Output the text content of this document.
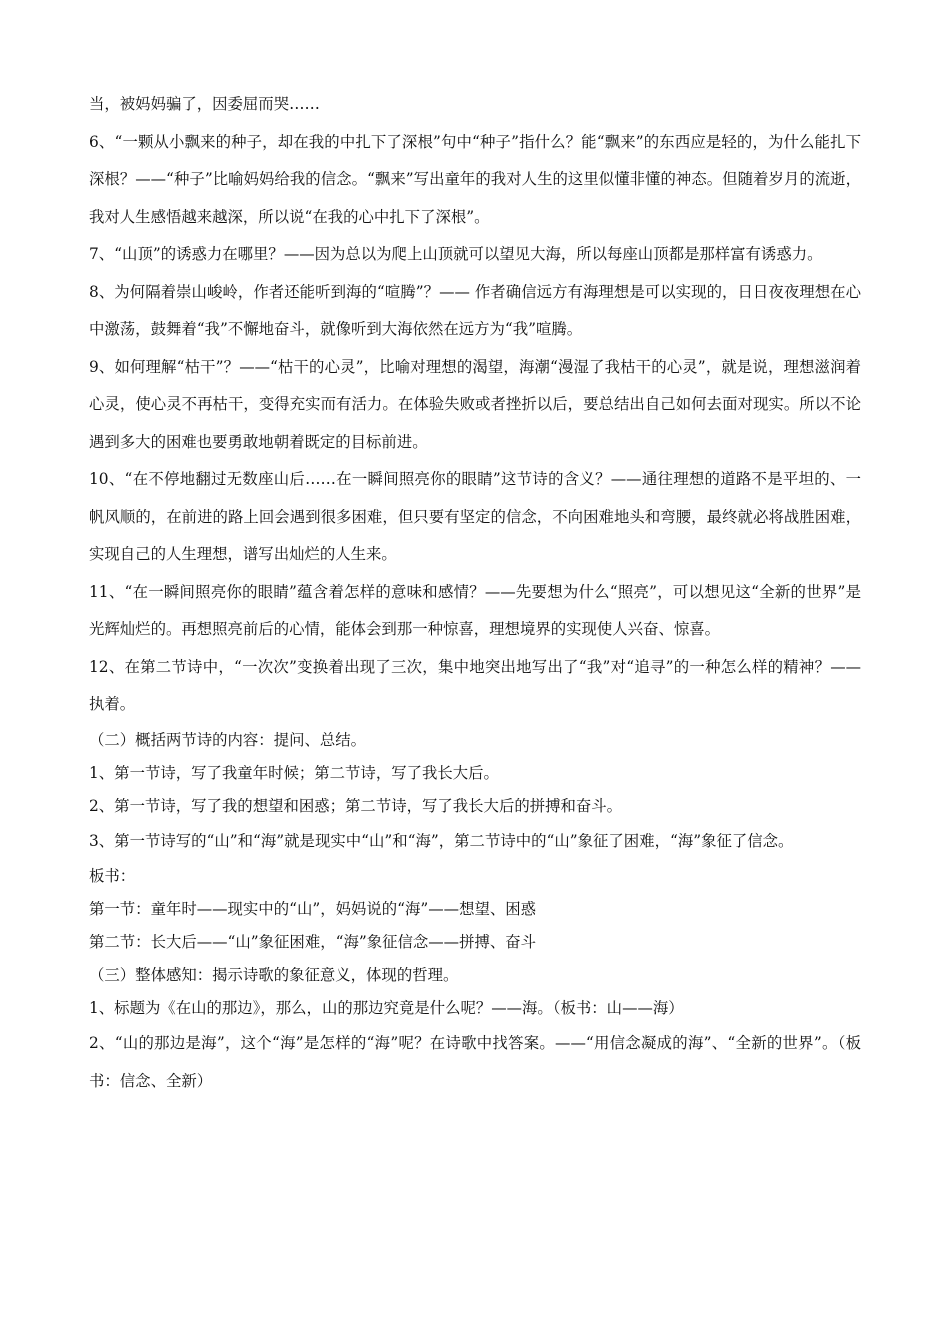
当，被妈妈骗了，因委屈而哭……

6、“一颗从小飘来的种子，却在我的中扎下了深根”句中“种子”指什么？能“飘来”的东西应是轻的，为什么能扎下深根？——“种子”比喻妈妈给我的信念。“飘来”写出童年的我对人生的这里似懂非懂的神态。但随着岁月的流逝，我对人生感悟越来越深，所以说“在我的心中扎下了深根”。

7、“山顶”的诱惑力在哪里？——因为总以为爬上山顶就可以望见大海，所以每座山顶都是那样富有诱惑力。

8、为何隔着崇山峻岭，作者还能听到海的“喧腾”？—— 作者确信远方有海理想是可以实现的，日日夜夜理想在心中激荡，鼓舞着“我”不懈地奋斗，就像听到大海依然在远方为“我”喧腾。

9、如何理解“枯干”？——“枯干的心灵”，比喻对理想的渴望，海潮“漫湿了我枯干的心灵”，就是说，理想滋润着心灵，使心灵不再枯干，变得充实而有活力。在体验失败或者挫折以后，要总结出自己如何去面对现实。所以不论遇到多大的困难也要勇敢地朝着既定的目标前进。

10、“在不停地翻过无数座山后……在一瞬间照亮你的眼睛”这节诗的含义？——通往理想的道路不是平坦的、一帆风顺的，在前进的路上回会遇到很多困难，但只要有坚定的信念，不向困难地头和弯腰，最终就必将战胜困难，实现自己的人生理想，谱写出灿烂的人生来。

11、“在一瞬间照亮你的眼睛”蕴含着怎样的意味和感情？——先要想为什么“照亮”，可以想见这“全新的世界”是光辉灿烂的。再想照亮前后的心情，能体会到那一种惊喜，理想境界的实现使人兴奋、惊喜。

12、在第二节诗中，“一次次”变换着出现了三次，集中地突出地写出了“我”对“追寻”的一种怎么样的精神？——执着。

（二）概括两节诗的内容：提问、总结。

1、第一节诗，写了我童年时候；第二节诗，写了我长大后。

2、第一节诗，写了我的想望和困惑；第二节诗，写了我长大后的拼搏和奋斗。

3、第一节诗写的“山”和“海”就是现实中“山”和“海”，第二节诗中的“山”象征了困难，“海”象征了信念。

板书：

第一节：童年时——现实中的“山”，妈妈说的“海”——想望、困惑

第二节：长大后——“山”象征困难，“海”象征信念——拼搏、奋斗

（三）整体感知：揭示诗歌的象征意义，体现的哲理。

1、标题为《在山的那边》，那么，山的那边究竟是什么呢？——海。（板书：山——海）

2、“山的那边是海”，这个“海”是怎样的“海”呢？在诗歌中找答案。——“用信念凝成的海”、“全新的世界”。（板书：信念、全新）
